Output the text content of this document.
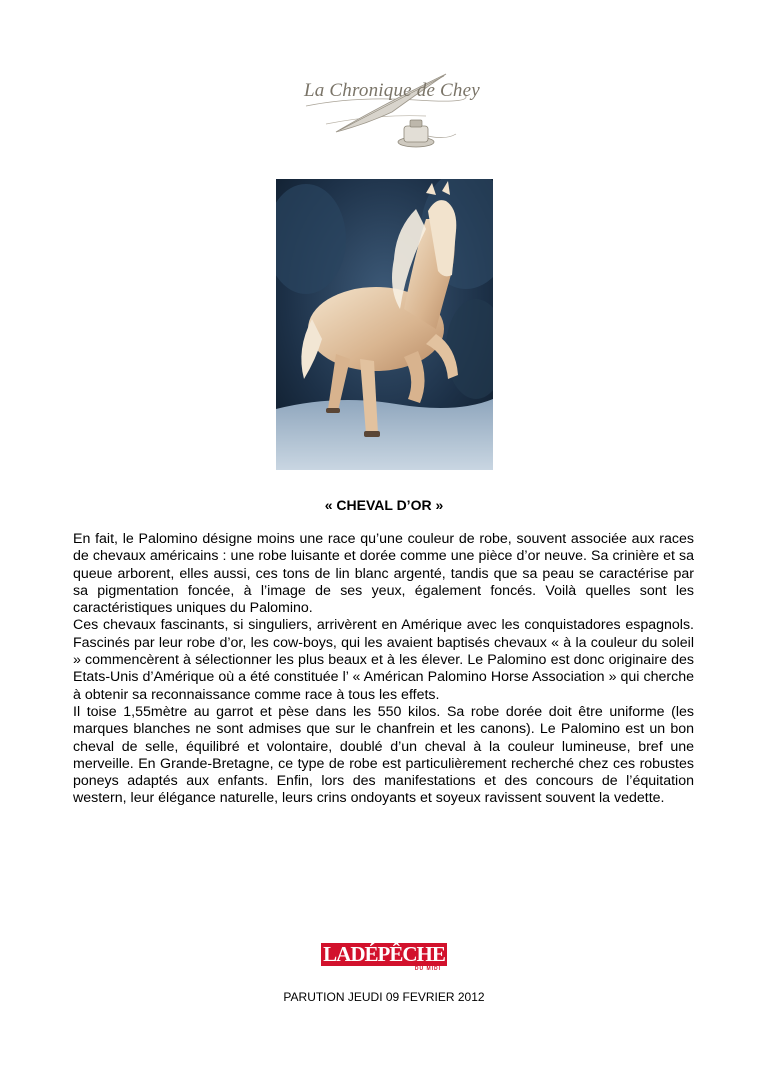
La Chronique de Chey
« CHEVAL D’OR »

En fait, le Palomino désigne moins une race qu’une couleur de robe, souvent associée aux races de chevaux américains : une robe luisante et dorée comme une pièce d’or neuve. Sa crinière et sa queue arborent, elles aussi, ces tons de lin blanc argenté, tandis que sa peau se caractérise par sa pigmentation foncée, à l’image de ses yeux, également foncés. Voilà quelles sont les caractéristiques uniques du Palomino.

Ces chevaux fascinants, si singuliers, arrivèrent en Amérique avec les conquistadores espagnols. Fascinés par leur robe d’or, les cow-boys, qui les avaient baptisés chevaux « à la couleur du soleil » commencèrent à sélectionner les plus beaux et à les élever. Le Palomino est donc originaire des Etats-Unis d’Amérique où a été constituée l’ « Américan Palomino Horse Association » qui cherche à obtenir sa reconnaissance comme race à tous les effets.

Il toise 1,55mètre au garrot et pèse dans les 550 kilos. Sa robe dorée doit être uniforme (les marques blanches ne sont admises que sur le chanfrein et les canons). Le Palomino est un bon cheval de selle, équilibré et volontaire, doublé d’un cheval à la couleur lumineuse, bref une merveille. En Grande-Bretagne, ce type de robe est particulièrement recherché chez ces robustes poneys adaptés aux enfants. Enfin, lors des manifestations et des concours de l’équitation western, leur élégance naturelle, leurs crins ondoyants et soyeux ravissent souvent la vedette.

LADÉPÊCHE
DU MIDI
PARUTION JEUDI 09 FEVRIER 2012
